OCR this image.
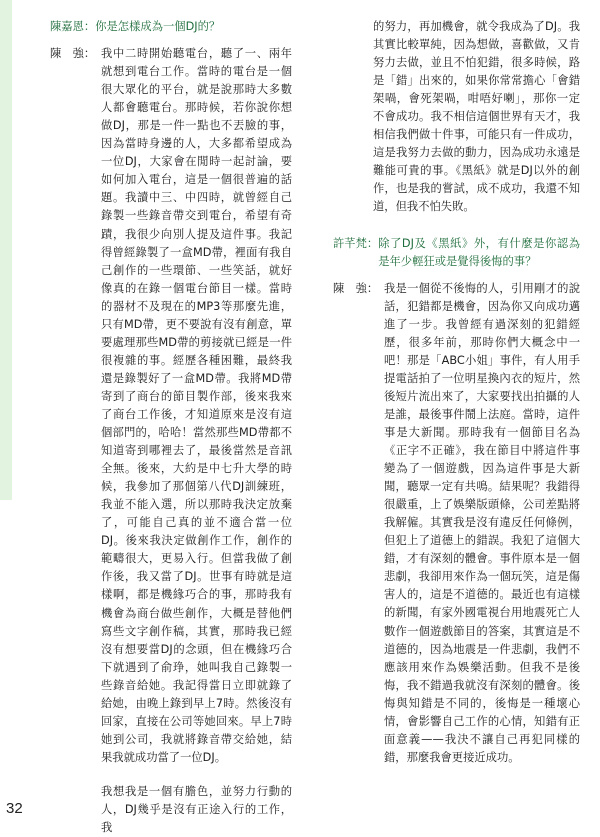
陳嘉恩： 你是怎樣成為一個DJ的？
陳　強： 我中二時開始聽電台，聽了一、兩年就想到電台工作。當時的電台是一個很大眾化的平台，就是說那時大多數人都會聽電台。那時候，若你說你想做DJ，那是一件一點也不丟臉的事，因為當時身邊的人，大多都希望成為一位DJ，大家會在閒時一起討論，要如何加入電台，這是一個很普遍的話題。我讀中三、中四時，就曾經自己錄製一些錄音帶交到電台，希望有奇蹟，我很少向別人提及這件事。我記得曾經錄製了一盒MD帶，裡面有我自己創作的一些環節、一些笑話，就好像真的在錄一個電台節目一樣。當時的器材不及現在的MP3等那麼先進，只有MD帶，更不要說有沒有創意，單要處理那些MD帶的剪接就已經是一件很複雜的事。經歷各種困難，最終我還是錄製好了一盒MD帶。我將MD帶寄到了商台的節目製作部，後來我來了商台工作後，才知道原來是沒有這個部門的，哈哈！當然那些MD帶都不知道寄到哪裡去了，最後當然是音訊全無。後來，大約是中七升大學的時候，我參加了那個第八代DJ訓練班，我並不能入選，所以那時我決定放棄了，可能自己真的並不適合當一位DJ。後來我決定做創作工作，創作的範疇很大，更易入行。但當我做了創作後，我又當了DJ。世事有時就是這樣啊，都是機緣巧合的事，那時我有機會為商台做些創作，大概是替他們寫些文字創作稿，其實，那時我已經沒有想要當DJ的念頭，但在機緣巧合下就遇到了俞琤，她叫我自己錄製一些錄音給她。我記得當日立即就錄了給她，由晚上錄到早上7時。然後沒有回家，直接在公司等她回來。早上7時她到公司，我就將錄音帶交給她，結果我就成功當了一位DJ。

我想我是一個有膽色，並努力行動的人，DJ幾乎是沒有正途入行的工作，我

的努力，再加機會，就令我成為了DJ。我其實比較單純，因為想做，喜歡做，又肯努力去做，並且不怕犯錯，很多時候，路是「錯」出來的，如果你常常擔心「會錯架喎，會死架喎，咁唔好喇」，那你一定不會成功。我不相信這個世界有天才，我相信我們做十件事，可能只有一件成功，這是我努力去做的動力，因為成功永遠是難能可貴的事。《黑紙》就是DJ以外的創作，也是我的嘗試，成不成功，我還不知道，但我不怕失敗。

許芊梵： 除了DJ及《黑紙》外，有什麼是你認為是年少輕狂或是覺得後悔的事？
陳　強： 我是一個從不後悔的人，引用剛才的說話，犯錯都是機會，因為你又向成功邁進了一步。我曾經有過深刻的犯錯經歷，很多年前，那時你們大概念中一吧！那是「ABC小姐」事件，有人用手提電話拍了一位明星換內衣的短片，然後短片流出來了，大家要找出拍攝的人是誰，最後事件鬧上法庭。當時，這件事是大新聞。那時我有一個節目名為《正字不正確》，我在節目中將這件事變為了一個遊戲，因為這件事是大新聞，聽眾一定有共鳴。結果呢？我錯得很嚴重，上了娛樂版頭條，公司差點將我解僱。其實我是沒有違反任何條例，但犯上了道德上的錯誤。我犯了這個大錯，才有深刻的體會。事件原本是一個悲劇，我卻用來作為一個玩笑，這是傷害人的，這是不道德的。最近也有這樣的新聞，有家外國電視台用地震死亡人數作一個遊戲節目的答案，其實這是不道德的，因為地震是一件悲劇，我們不應該用來作為娛樂活動。但我不是後悔，我不錯過我就沒有深刻的體會。後悔與知錯是不同的，後悔是一種壞心情，會影響自己工作的心情，知錯有正面意義——我決不讓自己再犯同樣的錯，那麼我會更接近成功。

32
